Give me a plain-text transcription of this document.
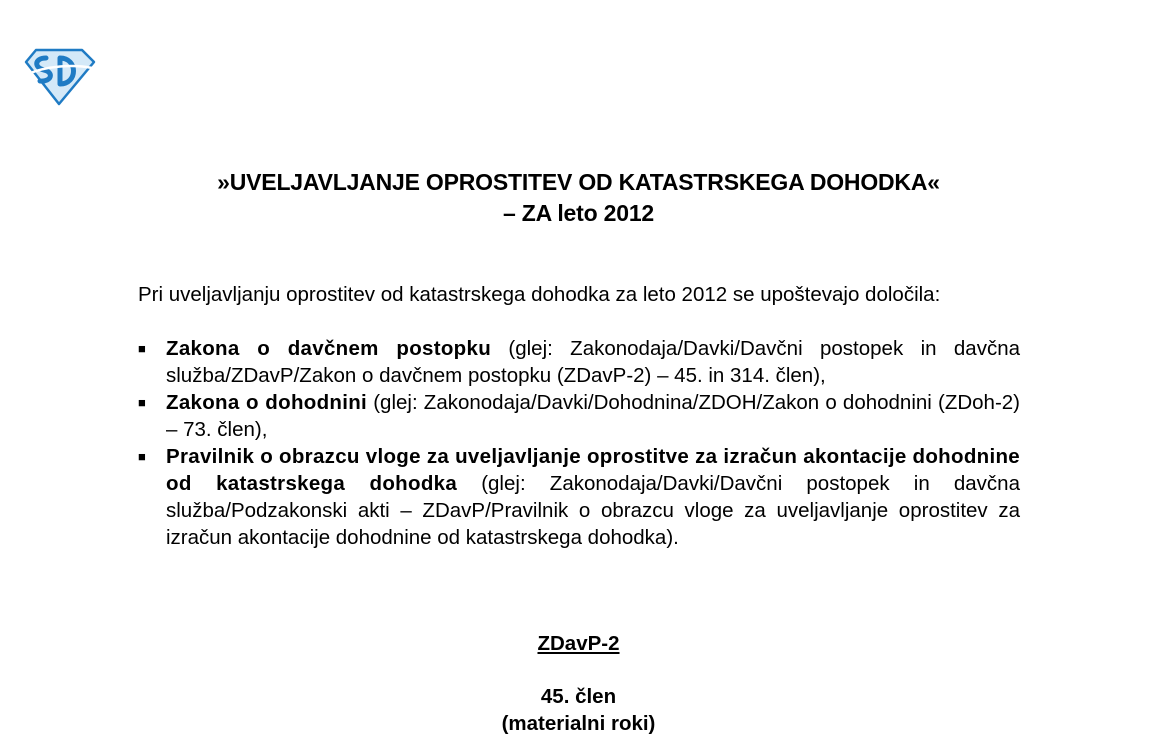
»UVELJAVLJANJE OPROSTITEV OD KATASTRSKEGA DOHODKA«
– ZA leto 2012

Pri uveljavljanju oprostitev od katastrskega dohodka za leto 2012 se upoštevajo določila:

■ Zakona o davčnem postopku (glej: Zakonodaja/Davki/Davčni postopek in davčna služba/ZDavP/Zakon o davčnem postopku (ZDavP-2) – 45. in 314. člen),
■ Zakona o dohodnini (glej: Zakonodaja/Davki/Dohodnina/ZDOH/Zakon o dohodnini (ZDoh-2) – 73. člen),
■ Pravilnik o obrazcu vloge za uveljavljanje oprostitve za izračun akontacije dohodnine od katastrskega dohodka (glej: Zakonodaja/Davki/Davčni postopek in davčna služba/Podzakonski akti – ZDavP/Pravilnik o obrazcu vloge za uveljavljanje oprostitev za izračun akontacije dohodnine od katastrskega dohodka).
ZDavP-2
45. člen
(materialni roki)
